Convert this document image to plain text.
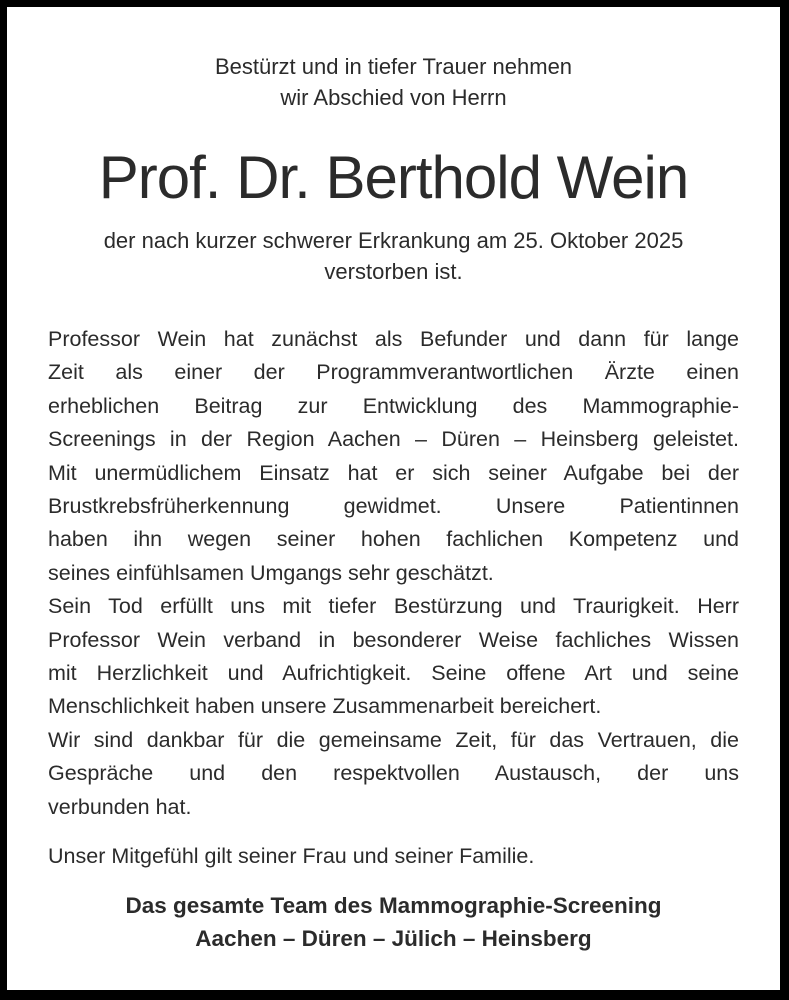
Bestürzt und in tiefer Trauer nehmen
wir Abschied von Herrn
Prof. Dr. Berthold Wein
der nach kurzer schwerer Erkrankung am 25. Oktober 2025
verstorben ist.
Professor Wein hat zunächst als Befunder und dann für lange
Zeit als einer der Programmverantwortlichen Ärzte einen
erheblichen Beitrag zur Entwicklung des Mammographie-
Screenings in der Region Aachen – Düren – Heinsberg geleistet.
Mit unermüdlichem Einsatz hat er sich seiner Aufgabe bei der
Brustkrebsfrüherkennung gewidmet. Unsere Patientinnen
haben ihn wegen seiner hohen fachlichen Kompetenz und
seines einfühlsamen Umgangs sehr geschätzt.
Sein Tod erfüllt uns mit tiefer Bestürzung und Traurigkeit. Herr
Professor Wein verband in besonderer Weise fachliches Wissen
mit Herzlichkeit und Aufrichtigkeit. Seine offene Art und seine
Menschlichkeit haben unsere Zusammenarbeit bereichert.
Wir sind dankbar für die gemeinsame Zeit, für das Vertrauen, die
Gespräche und den respektvollen Austausch, der uns
verbunden hat.
Unser Mitgefühl gilt seiner Frau und seiner Familie.
Das gesamte Team des Mammographie-Screening
Aachen – Düren – Jülich – Heinsberg
